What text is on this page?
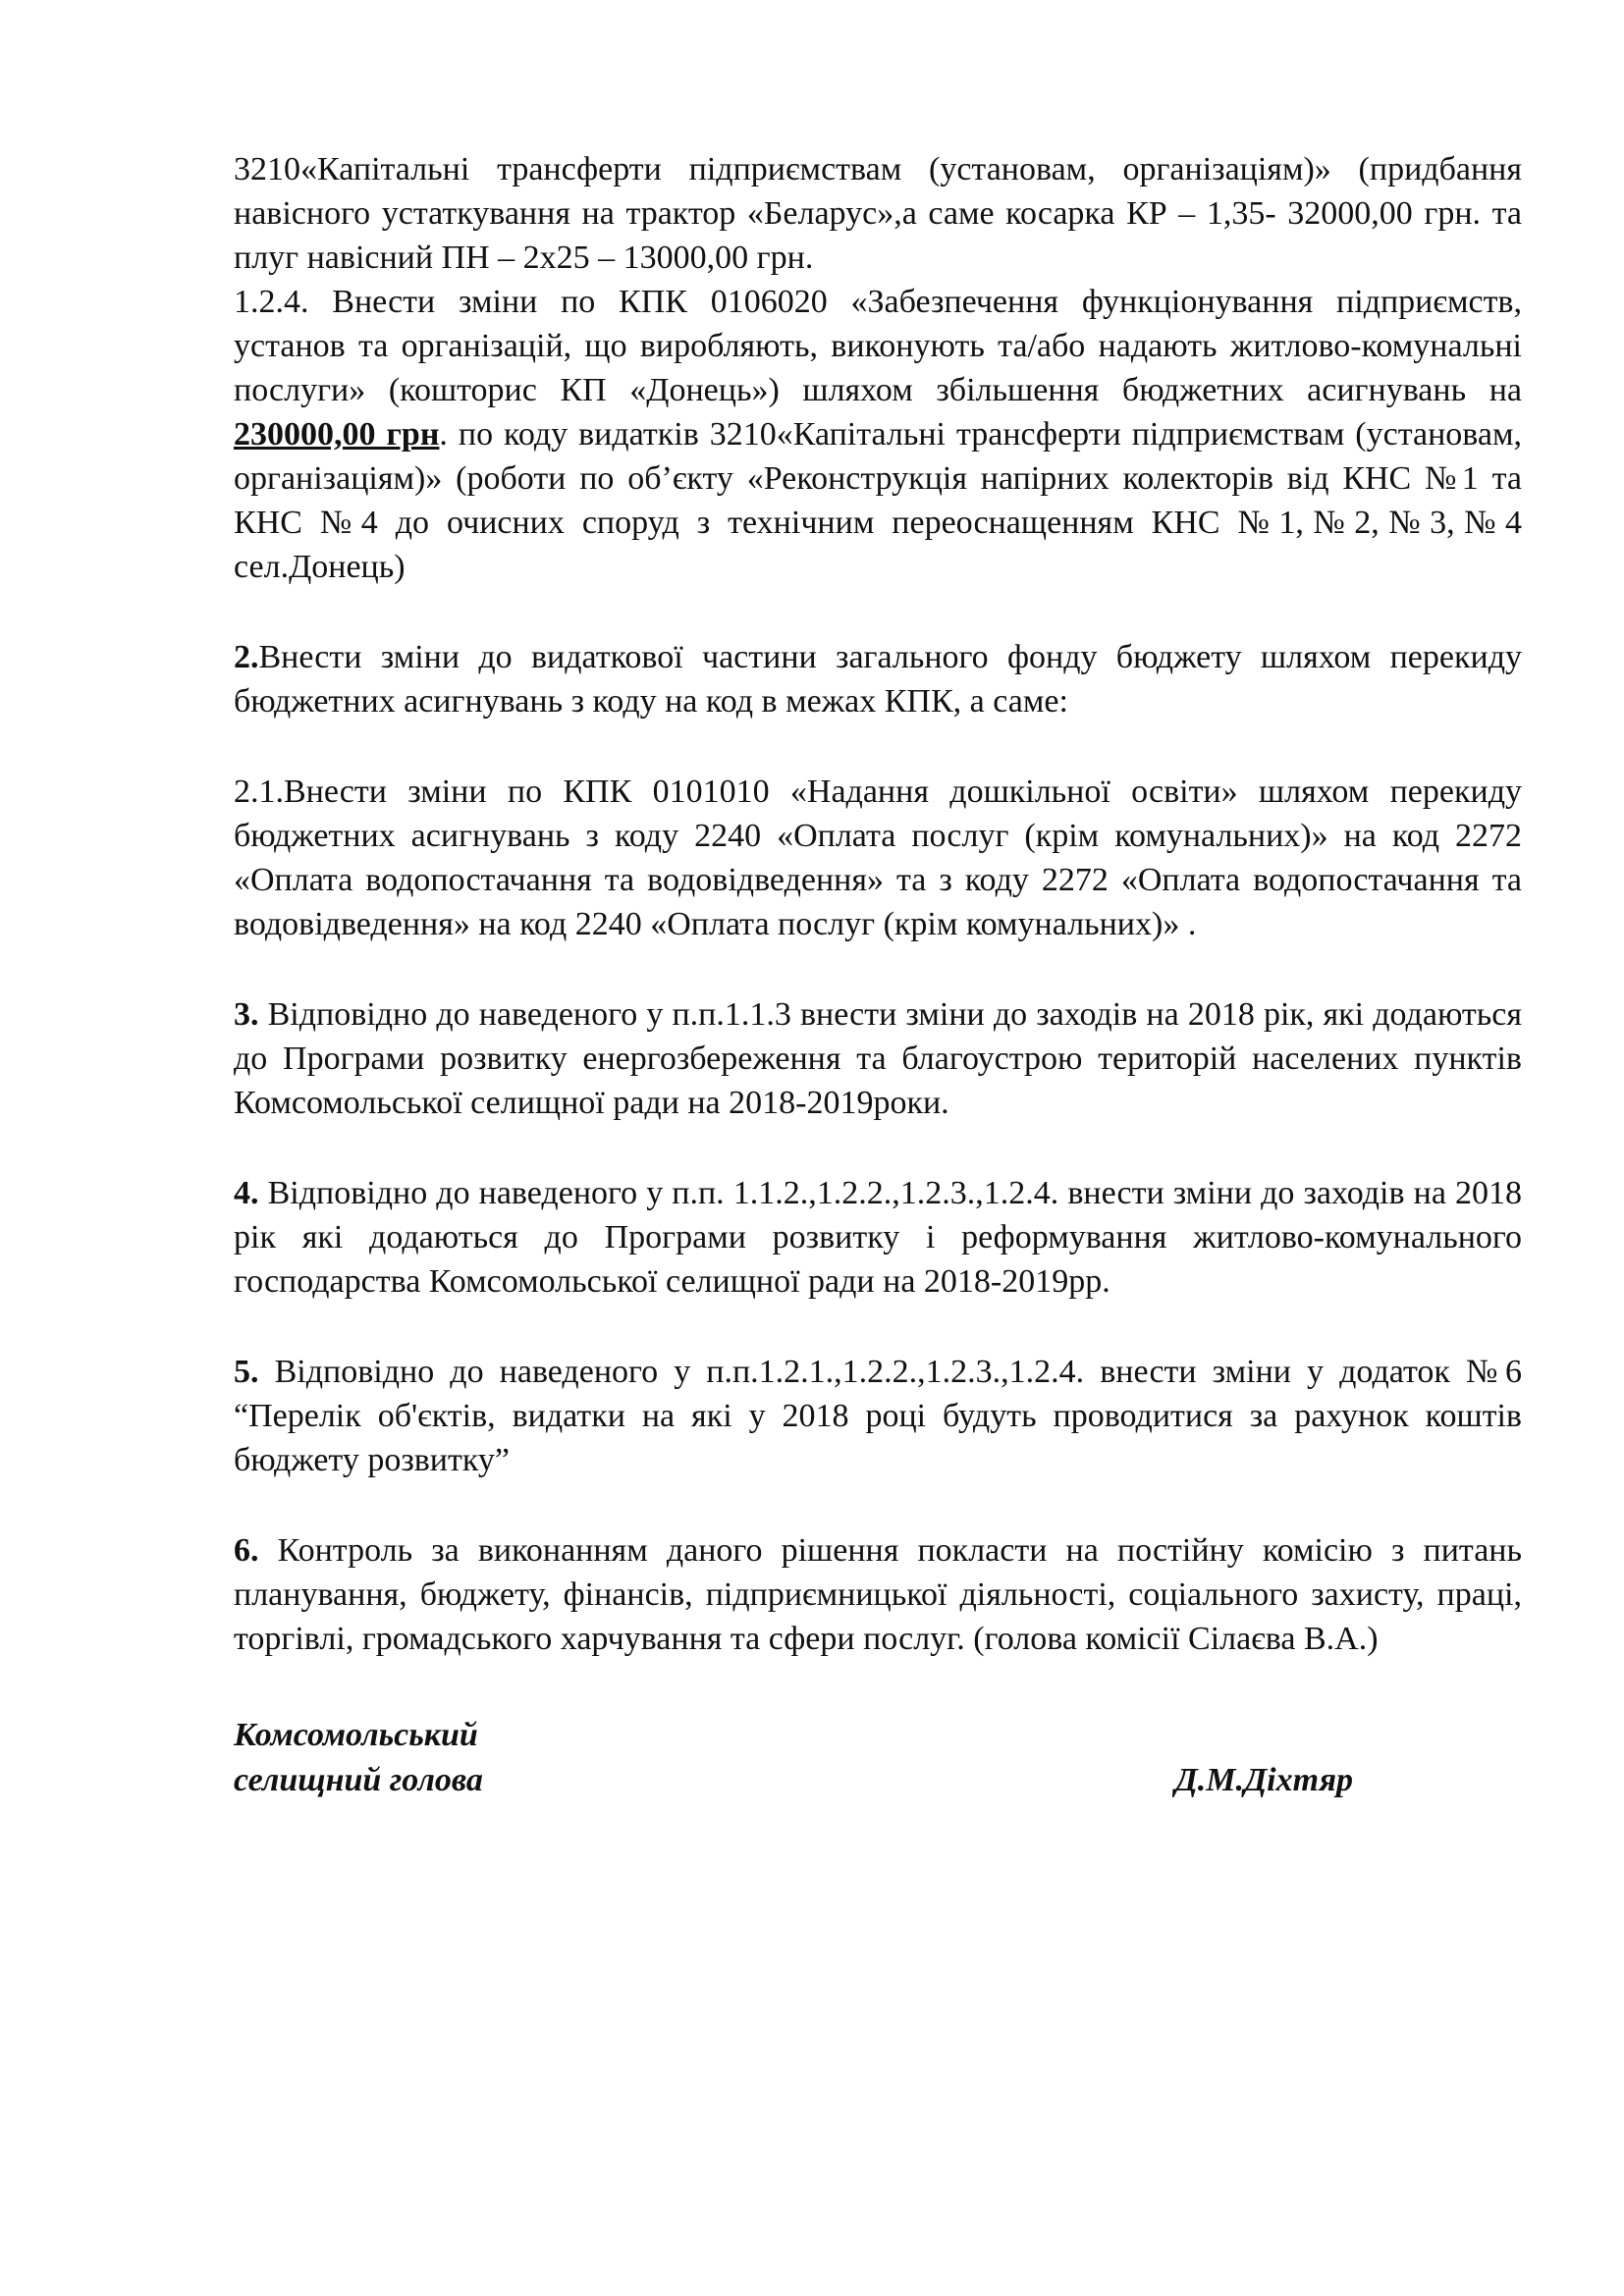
3210«Капітальні трансферти підприємствам (установам, організаціям)» (придбання навісного устаткування на трактор «Беларус»,а саме косарка КР – 1,35- 32000,00 грн. та плуг навісний ПН – 2х25 – 13000,00 грн.

1.2.4. Внести зміни по КПК 0106020 «Забезпечення функціонування підприємств, установ та організацій, що виробляють, виконують та/або надають житлово-комунальні послуги» (кошторис КП «Донець») шляхом збільшення бюджетних асигнувань на 230000,00 грн. по коду видатків 3210«Капітальні трансферти підприємствам (установам, організаціям)» (роботи по об’єкту «Реконструкція напірних колекторів від КНС №1 та КНС №4 до очисних споруд з технічним переоснащенням КНС №1,№2,№3,№4 сел.Донець)

2.Внести зміни до видаткової частини загального фонду бюджету шляхом перекиду бюджетних асигнувань з коду на код в межах КПК, а саме:

2.1.Внести зміни по КПК 0101010 «Надання дошкільної освіти» шляхом перекиду бюджетних асигнувань з коду 2240 «Оплата послуг (крім комунальних)» на код 2272 «Оплата водопостачання та водовідведення» та з коду 2272 «Оплата водопостачання та водовідведення» на код 2240 «Оплата послуг (крім комунальних)» .

3. Відповідно до наведеного у п.п.1.1.3 внести зміни до заходів на 2018 рік, які додаються до Програми розвитку енергозбереження та благоустрою територій населених пунктів Комсомольської селищної ради на 2018-2019роки.

4. Відповідно до наведеного у п.п. 1.1.2.,1.2.2.,1.2.3.,1.2.4. внести зміни до заходів на 2018 рік які додаються до Програми розвитку і реформування житлово-комунального господарства Комсомольської селищної ради на 2018-2019рр.

5. Відповідно до наведеного у п.п.1.2.1.,1.2.2.,1.2.3.,1.2.4. внести зміни у додаток №6 “Перелік об'єктів, видатки на які у 2018 році будуть проводитися за рахунок коштів бюджету розвитку”

6. Контроль за виконанням даного рішення покласти на постійну комісію з питань планування, бюджету, фінансів, підприємницької діяльності, соціального захисту, праці, торгівлі, громадського харчування та сфери послуг. (голова комісії Сілаєва В.А.)

Комсомольський
селищний голова	Д.М.Діхтяр
